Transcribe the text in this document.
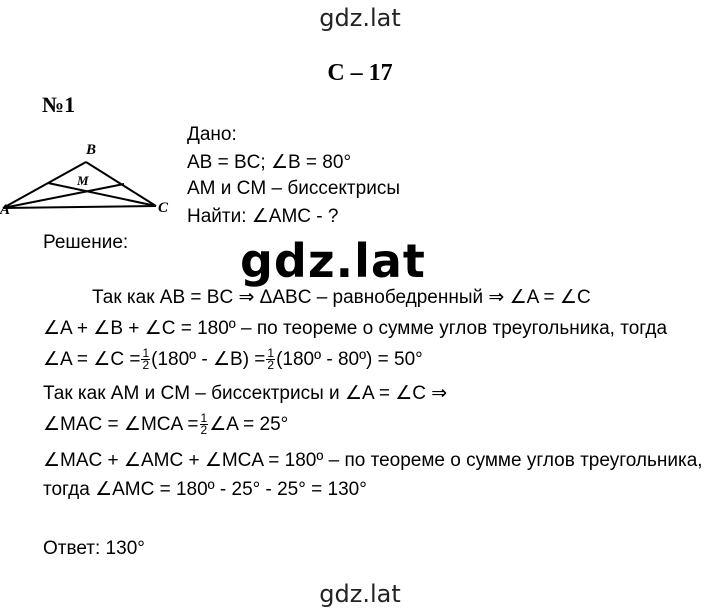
gdz.lat
С – 17
№1
B
A	C
M
Дано:
AB = BC; ∠B = 80°
AM и CM – биссектрисы
Найти: ∠AMC - ?
Решение: gdz.lat
Так как AB = BC ⇒ ΔABC – равнобедренный ⇒ ∠A = ∠C
∠A + ∠B + ∠C = 180º – по теореме о сумме углов треугольника, тогда
∠A = ∠C = $\frac{1}{2}$ (180º - ∠B) = $\frac{1}{2}$ (180º - 80º) = 50°
Так как AM и CM – биссектрисы и ∠A = ∠C ⇒
∠MAC = ∠MCA = $\frac{1}{2}$ ∠A = 25°
∠MAC + ∠AMC + ∠MCA = 180º – по теореме о сумме углов треугольника,
тогда ∠AMC = 180º - 25° - 25° = 130°
Ответ: 130°
gdz.lat
